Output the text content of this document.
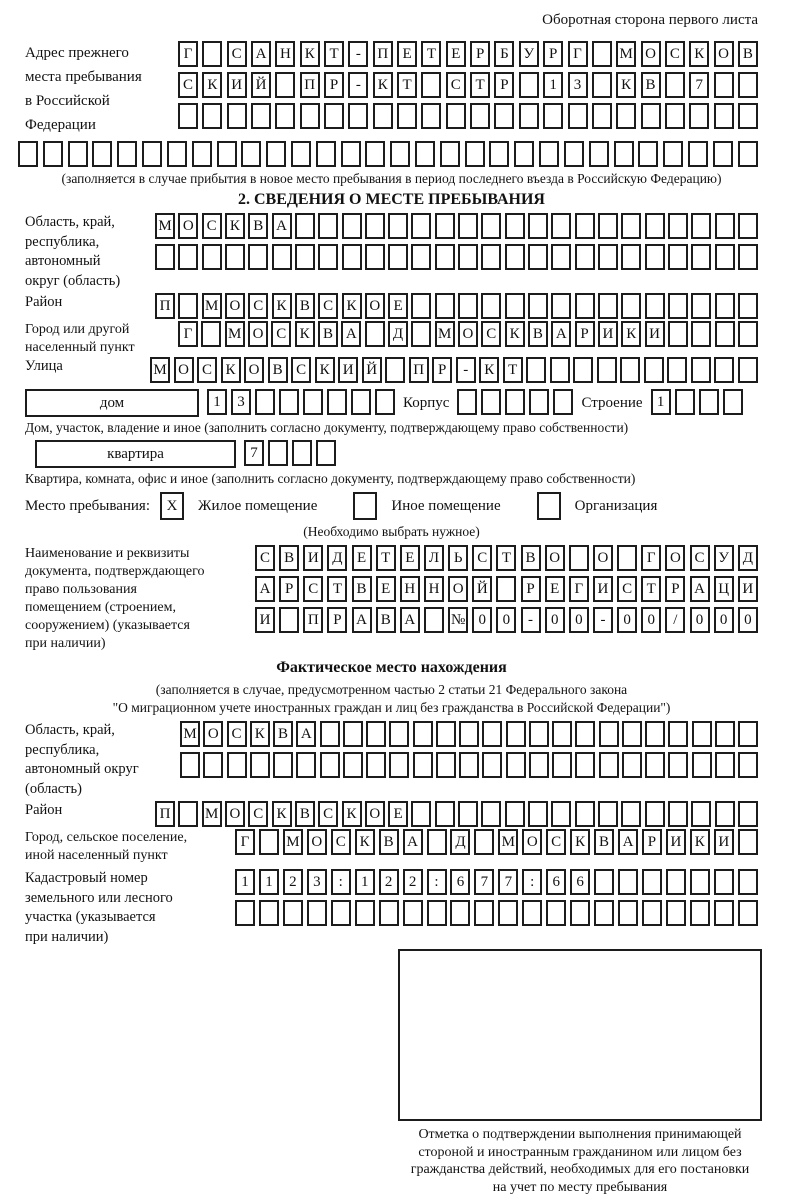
Оборотная сторона первого листа
Адрес прежнего
места пребывания
в Российской
Федерации
Г	С А Н К Т	-	П Е	Т	Е	Р	Б У Р	Г	М О С К О В
С К И Й	П Р	-	К Т	С Т	Р	1	3	К В	7
(заполняется в случае прибытия в новое место пребывания в период последнего въезда в Российскую Федерацию)
2. СВЕДЕНИЯ О МЕСТЕ ПРЕБЫВАНИЯ
Область, край,
республика,
автономный
округ (область)
М О С К В А
Район	П	М О С К В С К О Е
Город или другой
населенный пункт
Г	М О С К В А	Д	М О С К В А Р И К И
Улица	М О С К О В С К И Й	П Р	-	К Т
дом	1	3	Корпус	Строение 1
Дом, участок, владение и иное (заполнить согласно документу, подтверждающему право собственности)
квартира	7
Квартира, комната, офис и иное (заполнить согласно документу, подтверждающему право собственности)
Место пребывания: X Жилое помещение	Иное помещение	Организация
(Необходимо выбрать нужное)
Наименование и реквизиты
документа, подтверждающего
право пользования
помещением (строением,
сооружением) (указывается
при наличии)
С В И Д Е Т Е Л Ь С Т В О	О	Г О С У Д
А Р С Т В Е Н Н О Й	Р	Е	Г И С Т	Р А Ц И
И	П Р А В А	№ 0	0	-	0	0	-	0	0	/	0	0	0
Фактическое место нахождения
(заполняется в случае, предусмотренном частью 2 статьи 21 Федерального закона
"О миграционном учете иностранных граждан и лиц без гражданства в Российской Федерации")
Область, край,
республика,
автономный округ
(область)
М О С К В А
Район	П	М О С К В С К О Е
Город, сельское поселение,
иной населенный пункт
Г	М О С К В А	Д	М О С К В А Р И К И
Кадастровый номер
земельного или лесного
участка (указывается
при наличии)
1	1	2	3	:	1	2	2	:	6	7	7	:	6	6
Отметка о подтверждении выполнения принимающей
стороной и иностранным гражданином или лицом без
гражданства действий, необходимых для его постановки
на учет по месту пребывания
